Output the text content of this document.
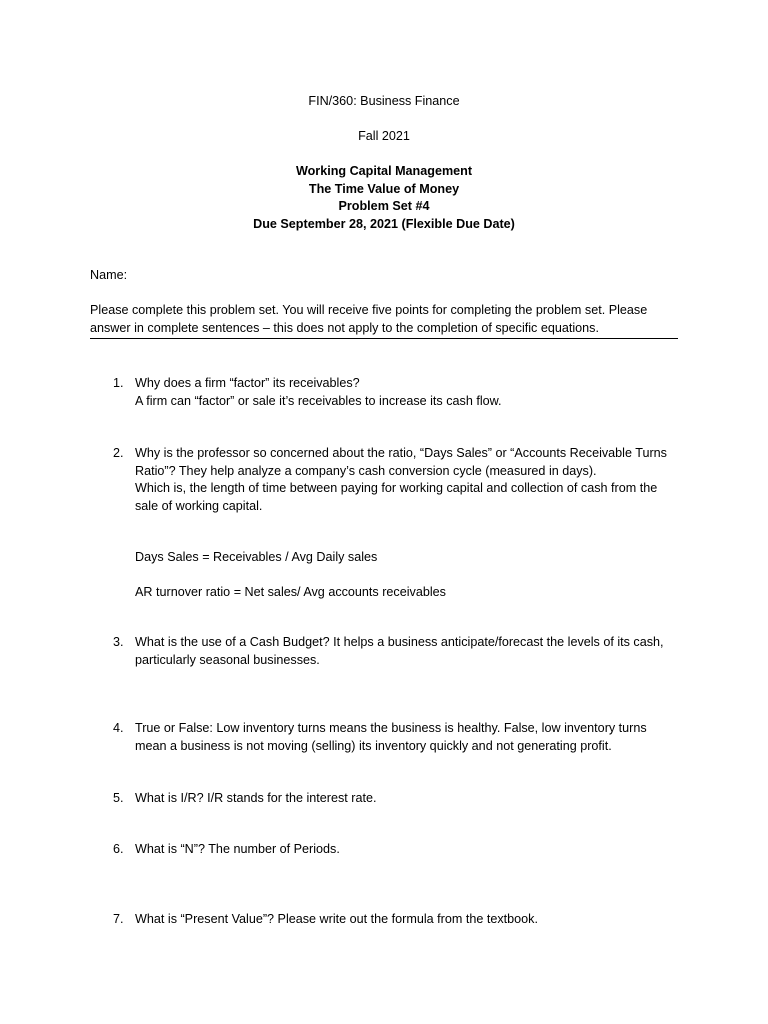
FIN/360: Business Finance
Fall 2021
Working Capital Management
The Time Value of Money
Problem Set #4
Due September 28, 2021 (Flexible Due Date)
Name:
Please complete this problem set. You will receive five points for completing the problem set. Please
answer in complete sentences – this does not apply to the completion of specific equations.
1. Why does a firm “factor” its receivables?
A firm can “factor” or sale it’s receivables to increase its cash flow.
2. Why is the professor so concerned about the ratio, “Days Sales” or “Accounts Receivable Turns
Ratio”? They help analyze a company’s cash conversion cycle (measured in days).
Which is, the length of time between paying for working capital and collection of cash from the
sale of working capital.
Days Sales = Receivables / Avg Daily sales
AR turnover ratio = Net sales/ Avg accounts receivables
3. What is the use of a Cash Budget? It helps a business anticipate/forecast the levels of its cash,
particularly seasonal businesses.
4. True or False: Low inventory turns means the business is healthy. False, low inventory turns
mean a business is not moving (selling) its inventory quickly and not generating profit.
5. What is I/R? I/R stands for the interest rate.
6. What is “N”? The number of Periods.
7. What is “Present Value”? Please write out the formula from the textbook.
